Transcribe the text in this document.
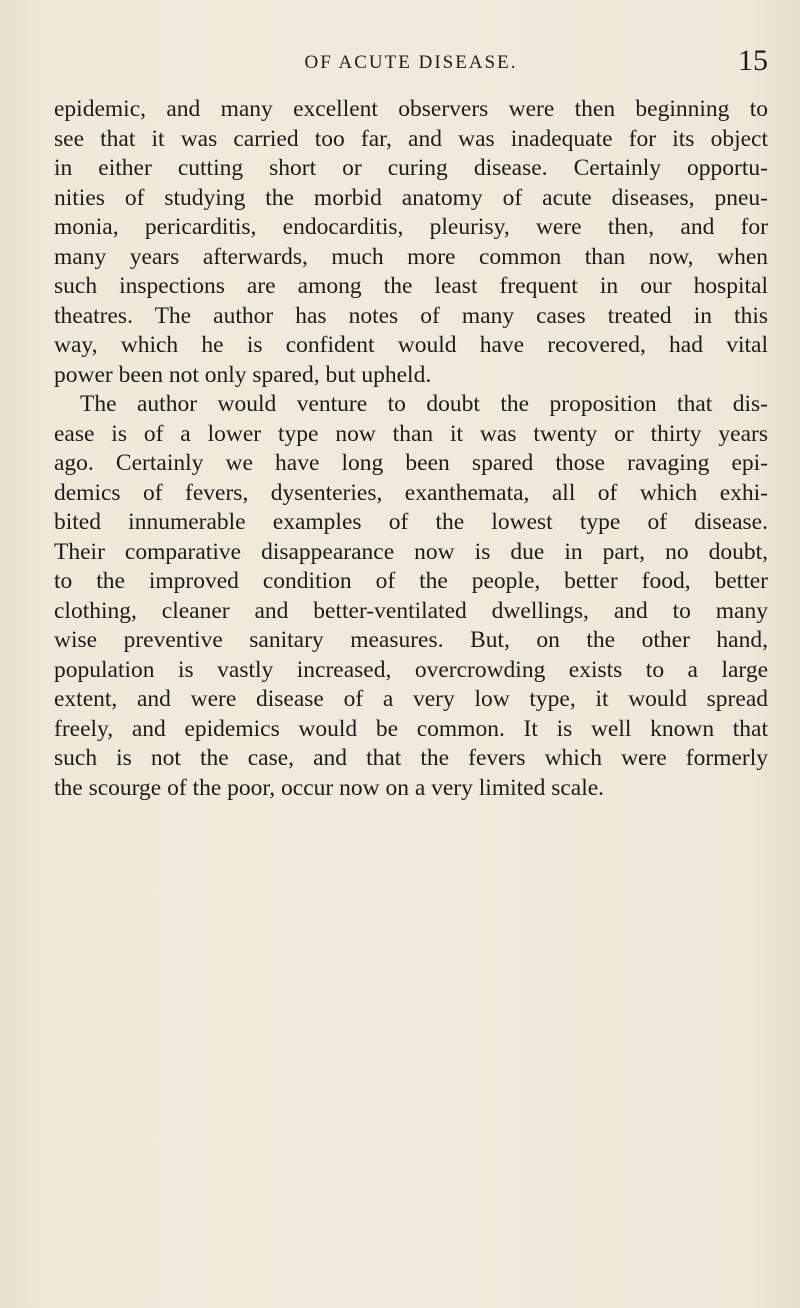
OF ACUTE DISEASE.	15
epidemic, and many excellent observers were then beginning to
see that it was carried too far, and was inadequate for its object
in either cutting short or curing disease. Certainly opportu-
nities of studying the morbid anatomy of acute diseases, pneu-
monia, pericarditis, endocarditis, pleurisy, were then, and for
many years afterwards, much more common than now, when
such inspections are among the least frequent in our hospital
theatres. The author has notes of many cases treated in this
way, which he is confident would have recovered, had vital
power been not only spared, but upheld.
The author would venture to doubt the proposition that dis-
ease is of a lower type now than it was twenty or thirty years
ago. Certainly we have long been spared those ravaging epi-
demics of fevers, dysenteries, exanthemata, all of which exhi-
bited innumerable examples of the lowest type of disease.
Their comparative disappearance now is due in part, no doubt,
to the improved condition of the people, better food, better
clothing, cleaner and better-ventilated dwellings, and to many
wise preventive sanitary measures. But, on the other hand,
population is vastly increased, overcrowding exists to a large
extent, and were disease of a very low type, it would spread
freely, and epidemics would be common. It is well known that
such is not the case, and that the fevers which were formerly
the scourge of the poor, occur now on a very limited scale.
